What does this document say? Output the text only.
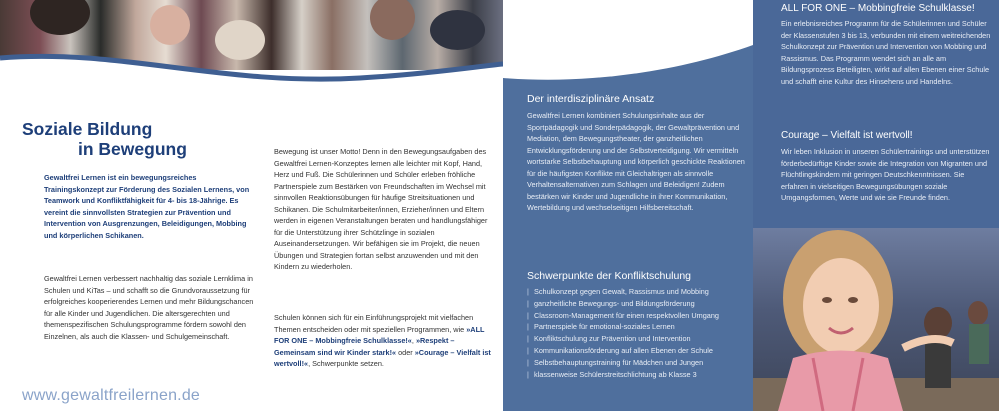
Soziale Bildung
in Bewegung

Gewaltfrei Lernen ist ein bewegungsreiches Trainingskonzept zur Förderung des Sozialen Lernens, von Teamwork und Konfliktfähigkeit für 4- bis 18-Jährige. Es vereint die sinnvollsten Strategien zur Prävention und Intervention von Ausgrenzungen, Beleidigungen, Mobbing und körperlichen Schikanen.

Gewaltfrei Lernen verbessert nachhaltig das soziale Lernklima in Schulen und KiTas – und schafft so die Grundvoraussetzung für erfolgreiches kooperierendes Lernen und mehr Bildungschancen für alle Kinder und Jugendlichen. Die altersgerechten und themenspezifischen Schulungsprogramme fördern sowohl den Einzelnen, als auch die Klassen- und Schulgemeinschaft.

www.gewaltfreilernen.de

Bewegung ist unser Motto! Denn in den Bewegungsaufgaben des Gewaltfrei Lernen-Konzeptes lernen alle leichter mit Kopf, Hand, Herz und Fuß. Die Schülerinnen und Schüler erleben fröhliche Partnerspiele zum Bestärken von Freundschaften im Wechsel mit sinnvollen Reaktionsübungen für häufige Streitsituationen und Schikanen. Die Schulmitarbeiter/innen, Erzieher/innen und Eltern werden in eigenen Veranstaltungen beraten und handlungsfähiger für die Unterstützung ihrer Schützlinge in sozialen Auseinandersetzungen. Wir befähigen sie im Projekt, die neuen Übungen und Strategien fortan selbst anzuwenden und mit den Kindern zu wiederholen.

Schulen können sich für ein Einführungsprojekt mit vielfachen Themen entscheiden oder mit speziellen Programmen, wie »ALL FOR ONE – Mobbingfreie Schulklasse!«, »Respekt – Gemeinsam sind wir Kinder stark!« oder »Courage – Vielfalt ist wertvoll!«, Schwerpunkte setzen.

Der interdisziplinäre Ansatz

Gewaltfrei Lernen kombiniert Schulungsinhalte aus der Sportpädagogik und Sonderpädagogik, der Gewaltprävention und Mediation, dem Bewegungstheater, der ganzheitlichen Entwicklungsförderung und der Selbstverteidigung. Wir vermitteln wortstarke Selbstbehauptung und körperlich geschickte Reaktionen für die häufigsten Konflikte mit Gleichaltrigen als sinnvolle Verhaltensalternativen zum Schlagen und Beleidigen! Zudem bestärken wir Kinder und Jugendliche in ihrer Kommunikation, Wertebildung und wechselseitigen Hilfsbereitschaft.

Schwerpunkte der Konfliktschulung
| Schulkonzept gegen Gewalt, Rassismus und Mobbing
| ganzheitliche Bewegungs- und Bildungsförderung
| Classroom-Management für einen respektvollen Umgang
| Partnerspiele für emotional-soziales Lernen
| Konfliktschulung zur Prävention und Intervention
| Kommunikationsförderung auf allen Ebenen der Schule
| Selbstbehauptungstraining für Mädchen und Jungen
| klassenweise Schülerstreitschlichtung ab Klasse 3
ALL FOR ONE – Mobbingfreie Schulklasse!

Ein erlebnisreiches Programm für die Schülerinnen und Schüler der Klassenstufen 3 bis 13, verbunden mit einem weitreichenden Schulkonzept zur Prävention und Intervention von Mobbing und Rassismus. Das Programm wendet sich an alle am Bildungsprozess Beteiligten, wirkt auf allen Ebenen einer Schule und schafft eine Kultur des Hinsehens und Handelns.

Courage – Vielfalt ist wertvoll!

Wir leben Inklusion in unseren Schülertrainings und unterstützen förderbedürftige Kinder sowie die Integration von Migranten und Flüchtlingskindern mit geringen Deutschkenntnissen. Sie erfahren in vielseitigen Bewegungsübungen soziale Umgangsformen, Werte und wie sie Freunde finden.
